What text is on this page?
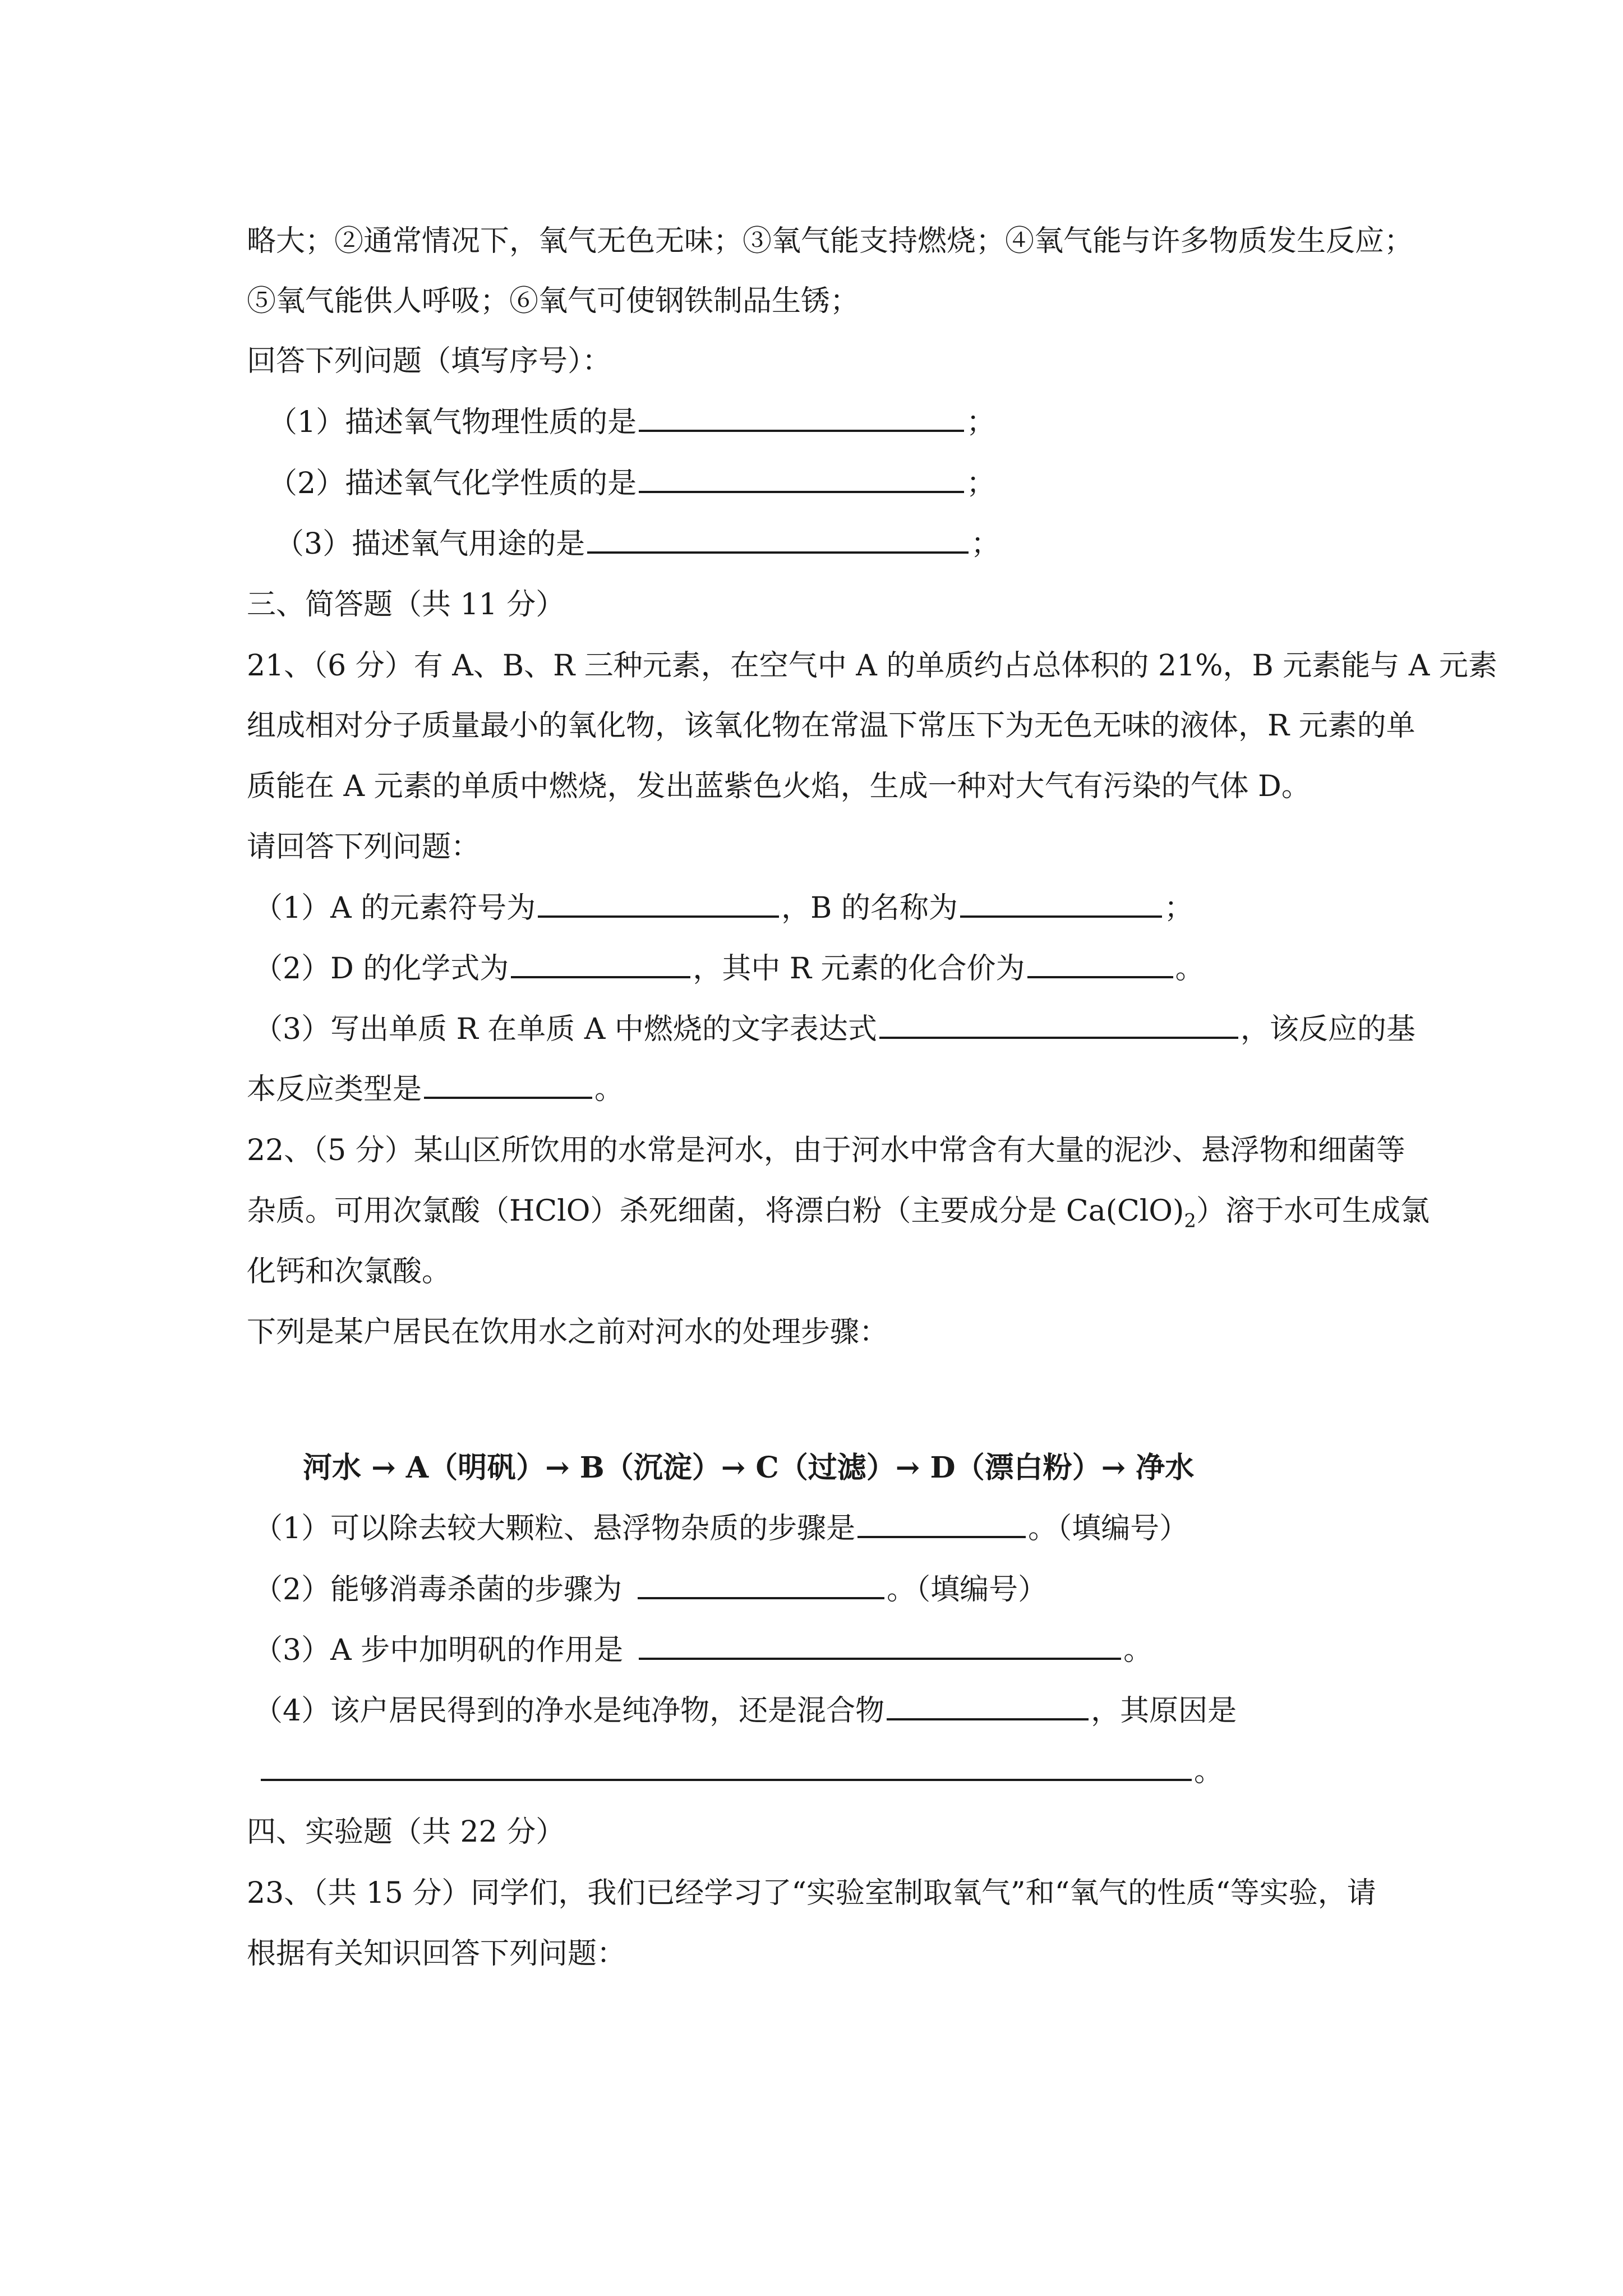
略大；②通常情况下，氧气无色无味；③氧气能支持燃烧；④氧气能与许多物质发生反应；
⑤氧气能供人呼吸；⑥氧气可使钢铁制品生锈；
回答下列问题（填写序号）：
（1）描述氧气物理性质的是	；
（2）描述氧气化学性质的是	；
（3）描述氧气用途的是	；
三、简答题（共 11 分）
21、（6 分）有 A、B、R 三种元素，在空气中 A 的单质约占总体积的 21%，B 元素能与 A 元素
组成相对分子质量最小的氧化物，该氧化物在常温下常压下为无色无味的液体，R 元素的单
质能在 A 元素的单质中燃烧，发出蓝紫色火焰，生成一种对大气有污染的气体 D。
请回答下列问题：
（1）A 的元素符号为	，B 的名称为	；
（2）D 的化学式为	，其中 R 元素的化合价为	。
（3）写出单质 R 在单质 A 中燃烧的文字表达式	，该反应的基
本反应类型是	。
22、（5 分）某山区所饮用的水常是河水，由于河水中常含有大量的泥沙、悬浮物和细菌等
杂质。可用次氯酸（HClO）杀死细菌，将漂白粉（主要成分是 $Ca(ClO)_2$）溶于水可生成氯
化钙和次氯酸。
下列是某户居民在饮用水之前对河水的处理步骤：
河水 → A（明矾）→ B（沉淀）→ C（过滤）→ D（漂白粉）→ 净水
（1）可以除去较大颗粒、悬浮物杂质的步骤是	。（填编号）
（2）能够消毒杀菌的步骤为	。（填编号）
（3）A 步中加明矾的作用是	。
（4）该户居民得到的净水是纯净物，还是混合物	，其原因是
。
四、实验题（共 22 分）
23、（共 15 分）同学们，我们已经学习了“实验室制取氧气”和“氧气的性质“等实验，请
根据有关知识回答下列问题：
